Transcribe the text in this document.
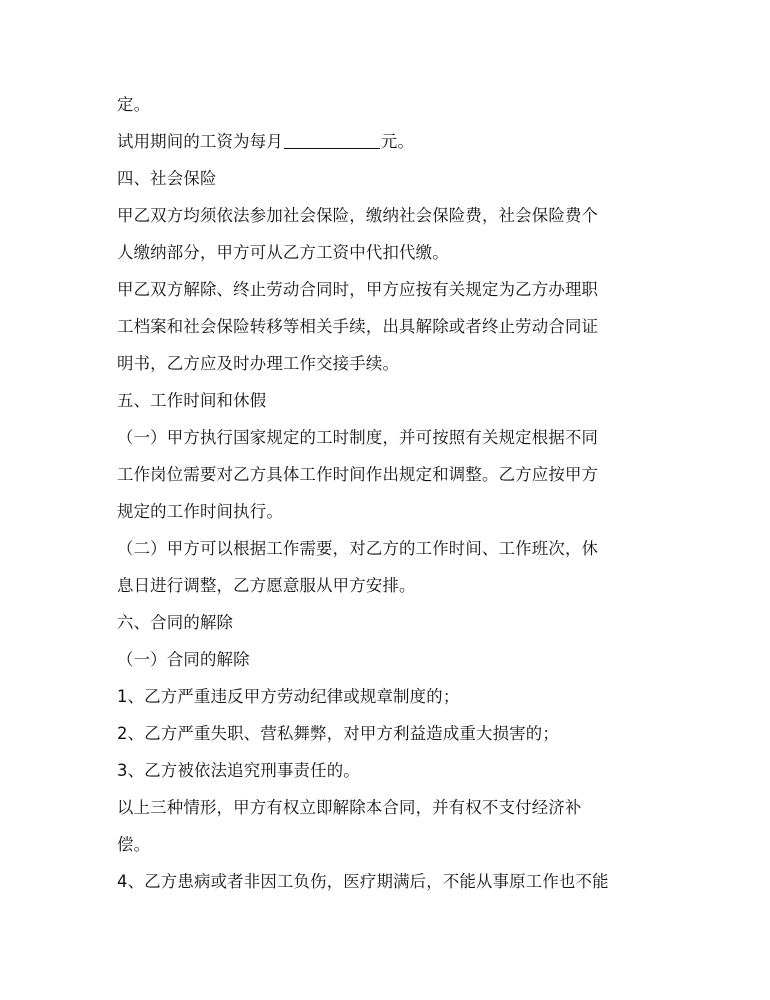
定。
试用期间的工资为每月	元。
四、社会保险
甲乙双方均须依法参加社会保险，缴纳社会保险费，社会保险费个
人缴纳部分，甲方可从乙方工资中代扣代缴。
甲乙双方解除、终止劳动合同时，甲方应按有关规定为乙方办理职
工档案和社会保险转移等相关手续，出具解除或者终止劳动合同证
明书，乙方应及时办理工作交接手续。
五、工作时间和休假
（一）甲方执行国家规定的工时制度，并可按照有关规定根据不同
工作岗位需要对乙方具体工作时间作出规定和调整。乙方应按甲方
规定的工作时间执行。
（二）甲方可以根据工作需要，对乙方的工作时间、工作班次，休
息日进行调整，乙方愿意服从甲方安排。
六、合同的解除
（一）合同的解除
1、乙方严重违反甲方劳动纪律或规章制度的；
2、乙方严重失职、营私舞弊，对甲方利益造成重大损害的；
3、乙方被依法追究刑事责任的。
以上三种情形，甲方有权立即解除本合同，并有权不支付经济补
偿。
4、乙方患病或者非因工负伤，医疗期满后，不能从事原工作也不能
